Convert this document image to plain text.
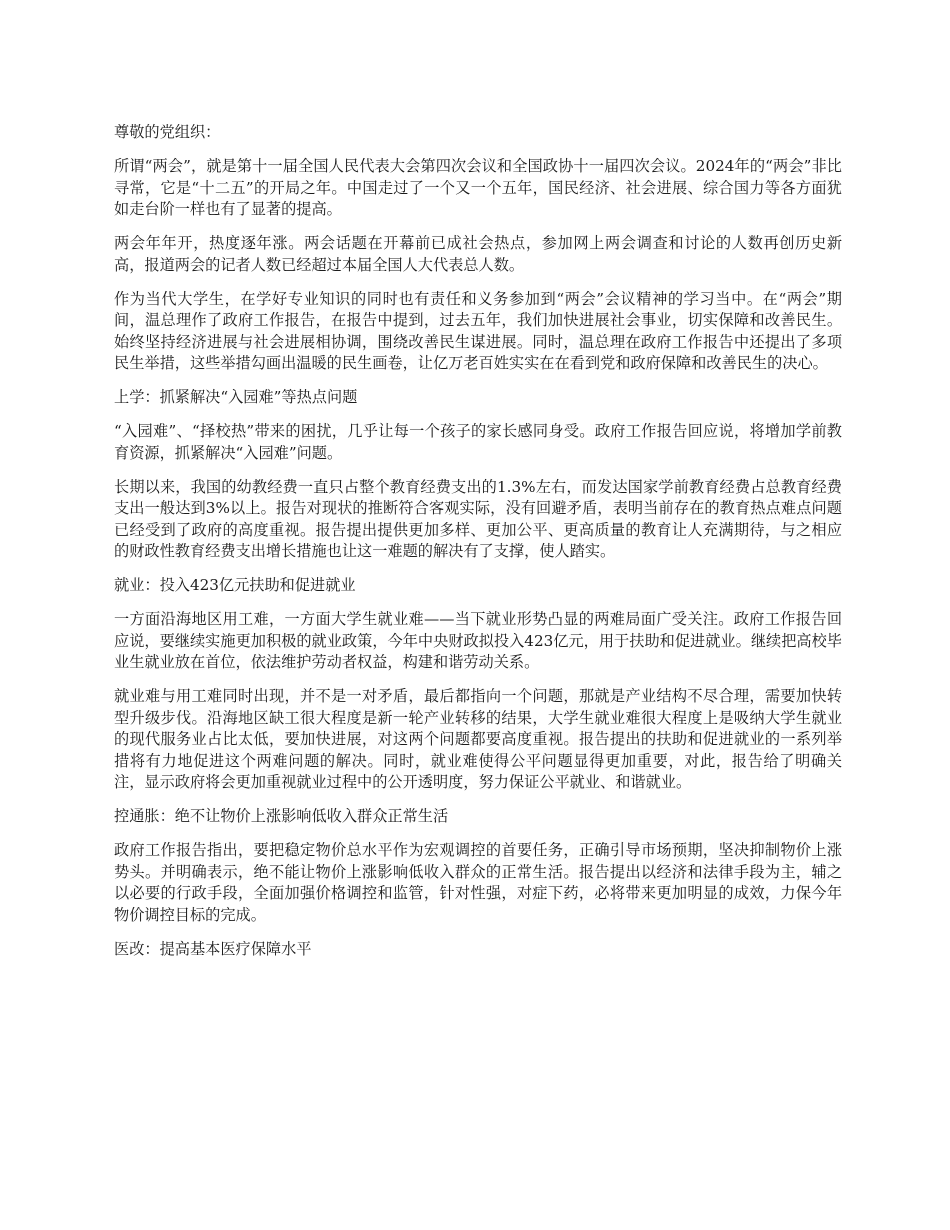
尊敬的党组织：

所谓“两会”，就是第十一届全国人民代表大会第四次会议和全国政协十一届四次会议。2024年的“两会”非比寻常，它是“十二五”的开局之年。中国走过了一个又一个五年，国民经济、社会进展、综合国力等各方面犹如走台阶一样也有了显著的提高。

两会年年开，热度逐年涨。两会话题在开幕前已成社会热点，参加网上两会调查和讨论的人数再创历史新高，报道两会的记者人数已经超过本届全国人大代表总人数。

作为当代大学生，在学好专业知识的同时也有责任和义务参加到“两会”会议精神的学习当中。在“两会”期间，温总理作了政府工作报告，在报告中提到，过去五年，我们加快进展社会事业，切实保障和改善民生。始终坚持经济进展与社会进展相协调，围绕改善民生谋进展。同时，温总理在政府工作报告中还提出了多项民生举措，这些举措勾画出温暖的民生画卷，让亿万老百姓实实在在看到党和政府保障和改善民生的决心。

上学：抓紧解决“入园难”等热点问题

“入园难”、“择校热”带来的困扰，几乎让每一个孩子的家长感同身受。政府工作报告回应说，将增加学前教育资源，抓紧解决“入园难”问题。

长期以来，我国的幼教经费一直只占整个教育经费支出的1.3%左右，而发达国家学前教育经费占总教育经费支出一般达到3%以上。报告对现状的推断符合客观实际，没有回避矛盾，表明当前存在的教育热点难点问题已经受到了政府的高度重视。报告提出提供更加多样、更加公平、更高质量的教育让人充满期待，与之相应的财政性教育经费支出增长措施也让这一难题的解决有了支撑，使人踏实。

就业：投入423亿元扶助和促进就业

一方面沿海地区用工难，一方面大学生就业难——当下就业形势凸显的两难局面广受关注。政府工作报告回应说，要继续实施更加积极的就业政策，今年中央财政拟投入423亿元，用于扶助和促进就业。继续把高校毕业生就业放在首位，依法维护劳动者权益，构建和谐劳动关系。

就业难与用工难同时出现，并不是一对矛盾，最后都指向一个问题，那就是产业结构不尽合理，需要加快转型升级步伐。沿海地区缺工很大程度是新一轮产业转移的结果，大学生就业难很大程度上是吸纳大学生就业的现代服务业占比太低，要加快进展，对这两个问题都要高度重视。报告提出的扶助和促进就业的一系列举措将有力地促进这个两难问题的解决。同时，就业难使得公平问题显得更加重要，对此，报告给了明确关注，显示政府将会更加重视就业过程中的公开透明度，努力保证公平就业、和谐就业。

控通胀：绝不让物价上涨影响低收入群众正常生活

政府工作报告指出，要把稳定物价总水平作为宏观调控的首要任务，正确引导市场预期，坚决抑制物价上涨势头。并明确表示，绝不能让物价上涨影响低收入群众的正常生活。报告提出以经济和法律手段为主，辅之以必要的行政手段，全面加强价格调控和监管，针对性强，对症下药，必将带来更加明显的成效，力保今年物价调控目标的完成。

医改：提高基本医疗保障水平
